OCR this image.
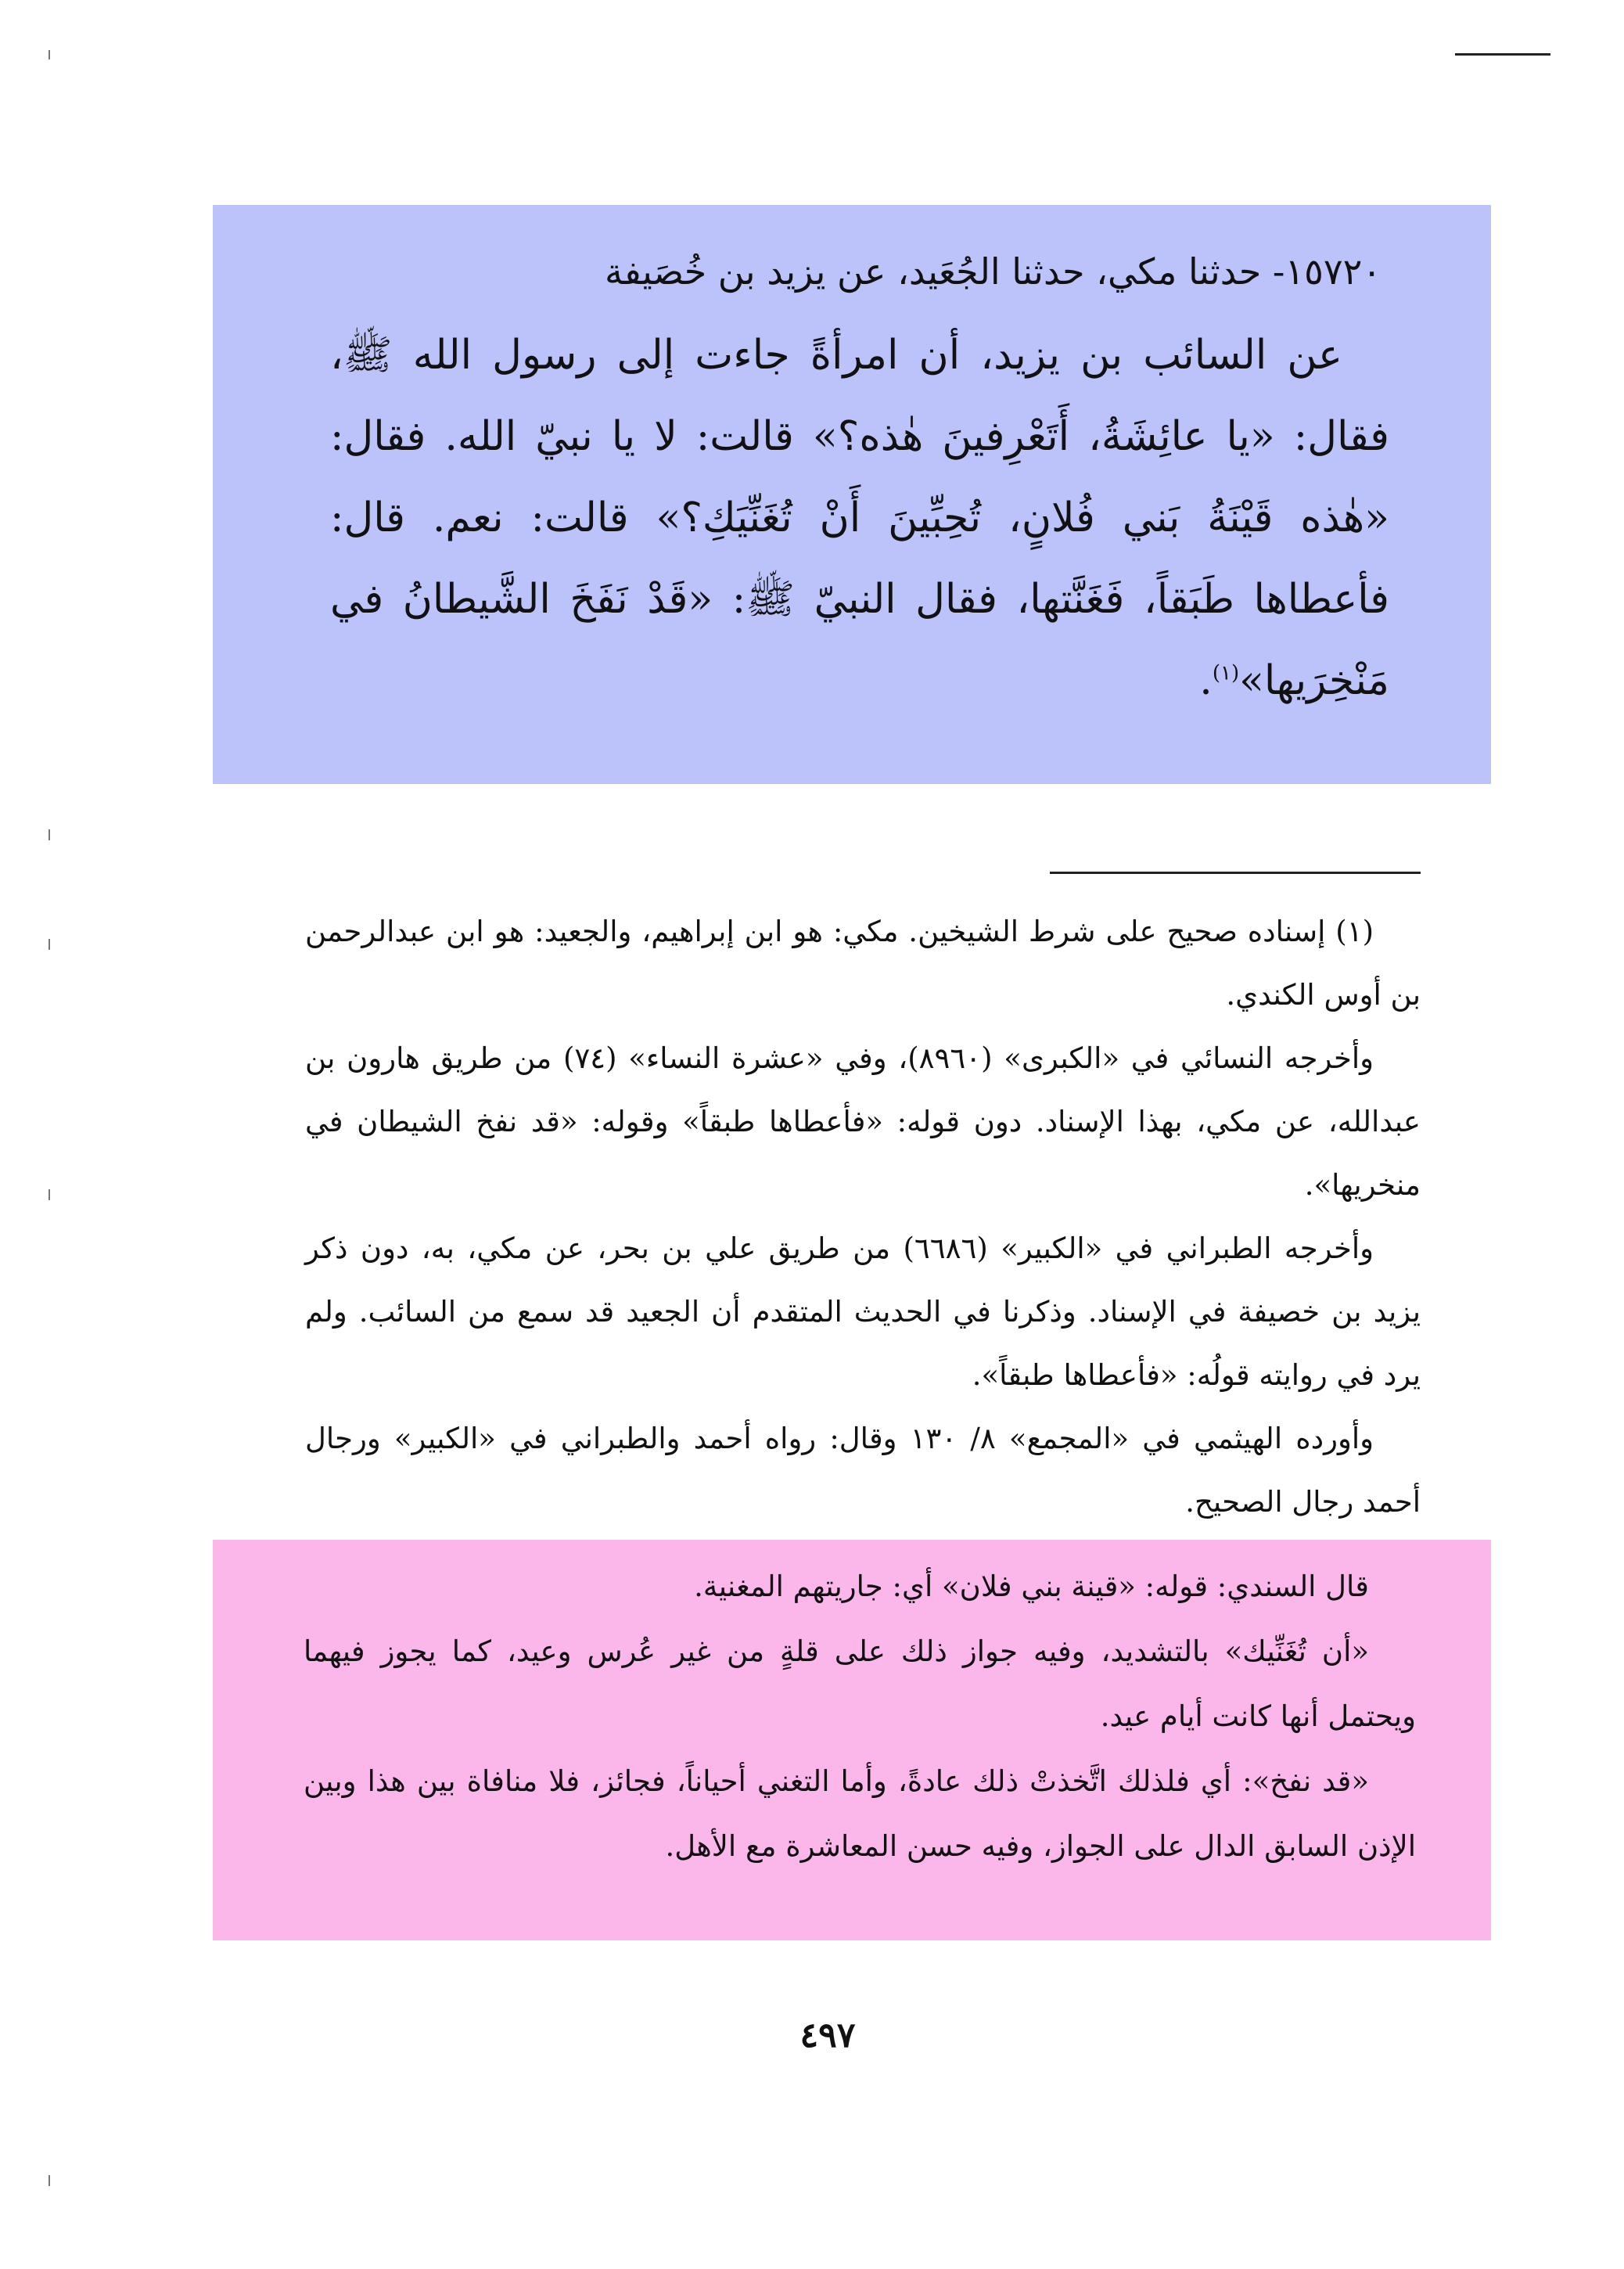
١٥٧٢٠- حدثنا مكي، حدثنا الجُعَيد، عن يزيد بن خُصَيفة

عن السائب بن يزيد، أن امرأةً جاءت إلى رسول الله ﷺ، فقال: «يا عائِشَةُ، أَتَعْرِفينَ هٰذه؟» قالت: لا يا نبيّ الله. فقال: «هٰذه قَيْنَةُ بَني فُلانٍ، تُحِبِّينَ أَنْ تُغَنِّيَكِ؟» قالت: نعم. قال: فأعطاها طَبَقاً، فَغَنَّتها، فقال النبيّ ﷺ: «قَدْ نَفَخَ الشَّيطانُ في مَنْخِرَيها»$^{(١)}$.

(١) إسناده صحيح على شرط الشيخين. مكي: هو ابن إبراهيم، والجعيد: هو ابن عبدالرحمن بن أوس الكندي.

وأخرجه النسائي في «الكبرى» (٨٩٦٠)، وفي «عشرة النساء» (٧٤) من طريق هارون بن عبدالله، عن مكي، بهذا الإسناد. دون قوله: «فأعطاها طبقاً» وقوله: «قد نفخ الشيطان في منخريها».

وأخرجه الطبراني في «الكبير» (٦٦٨٦) من طريق علي بن بحر، عن مكي، به، دون ذكر يزيد بن خصيفة في الإسناد. وذكرنا في الحديث المتقدم أن الجعيد قد سمع من السائب. ولم يرد في روايته قولُه: «فأعطاها طبقاً».

وأورده الهيثمي في «المجمع» ٨/ ١٣٠ وقال: رواه أحمد والطبراني في «الكبير» ورجال أحمد رجال الصحيح.

قال السندي: قوله: «قينة بني فلان» أي: جاريتهم المغنية.

«أن تُغَنِّيك» بالتشديد، وفيه جواز ذلك على قلةٍ من غير عُرس وعيد، كما يجوز فيهما ويحتمل أنها كانت أيام عيد.

«قد نفخ»: أي فلذلك اتَّخذتْ ذلك عادةً، وأما التغني أحياناً، فجائز، فلا منافاة بين هذا وبين الإذن السابق الدال على الجواز، وفيه حسن المعاشرة مع الأهل.

٤٩٧
